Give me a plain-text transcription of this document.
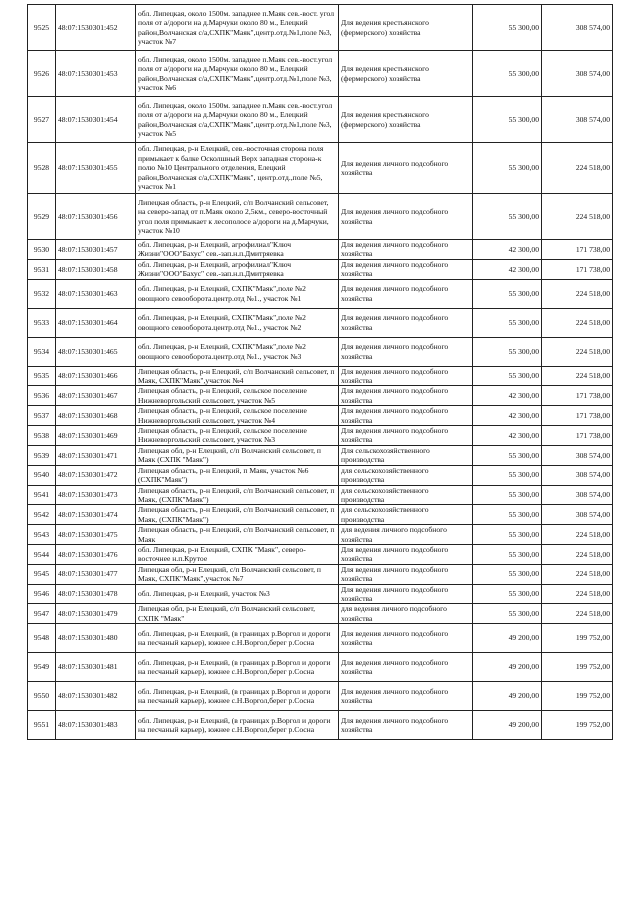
9525	48:07:1530301:452	обл. Липецкая, около 1500м. западнее п.Маяк сев.-вост. угол поля от а/дороги на д.Марчуки около 80 м., Елецкий район,Волчанская с/а,СХПК"Маяк",центр.отд.№1,поле №3, участок №7	Для ведения крестьянского (фермерского) хозяйства	55 300,00	308 574,00
9526	48:07:1530301:453	обл. Липецкая, около 1500м. западнее п.Маяк сев.-вост.угол поля от а/дороги на д.Марчуки около 80 м., Елецкий район,Волчанская с/а,СХПК"Маяк",центр.отд.№1,поле №3, участок №6	Для ведения крестьянского (фермерского) хозяйства	55 300,00	308 574,00
9527	48:07:1530301:454	обл. Липецкая, около 1500м. западнее п.Маяк сев.-вост.угол поля от а/дороги на д.Марчуки около 80 м., Елецкий район,Волчанская с/а,СХПК"Маяк",центр.отд.№1,поле №3, участок №5	Для ведения крестьянского (фермерского) хозяйства	55 300,00	308 574,00
9528	48:07:1530301:455	обл. Липецкая, р-н Елецкий, сев.-восточная сторона поля примыкает к балке Осколшный Верх западная сторона-к полю №10 Центрального отделения, Елецкий район,Волчанская с/а,СХПК"Маяк", центр.отд.,поле №5, участок №1	Для ведения личного подсобного хозяйства	55 300,00	224 518,00
9529	48:07:1530301:456	Липецкая область, р-н Елецкий, с/п Волчанский сельсовет, на северо-запад от п.Маяк около 2,5км., северо-восточный угол поля примыкает к лесополосе а/дороги на д.Марчуки, участок №10	Для ведения личного подсобного хозяйства	55 300,00	224 518,00
9530	48:07:1530301:457	обл. Липецкая, р-н Елецкий, агрофилиал"Ключ Жизни"ООО"Бахус" сев.-зап.н.п.Дмитряевка	Для ведения личного подсобного хозяйства	42 300,00	171 738,00
9531	48:07:1530301:458	обл. Липецкая, р-н Елецкий, агрофилиал"Ключ Жизни"ООО"Бахус" сев.-зап.н.п.Дмитряевка	Для ведения личного подсобного хозяйства	42 300,00	171 738,00
9532	48:07:1530301:463	обл. Липецкая, р-н Елецкий, СХПК"Маяк",поле №2 овощного севооборота.центр.отд №1., участок №1	Для ведения личного подсобного хозяйства	55 300,00	224 518,00
9533	48:07:1530301:464	обл. Липецкая, р-н Елецкий, СХПК"Маяк",поле №2 овощного севооборота.центр.отд №1., участок №2	Для ведения личного подсобного хозяйства	55 300,00	224 518,00
9534	48:07:1530301:465	обл. Липецкая, р-н Елецкий, СХПК"Маяк",поле №2 овощного севооборота.центр.отд №1., участок №3	Для ведения личного подсобного хозяйства	55 300,00	224 518,00
9535	48:07:1530301:466	Липецкая область, р-н Елецкий, с/п Волчанский сельсовет, п Маяк, СХПК"Маяк",участок №4	Для ведения личного подсобного хозяйства	55 300,00	224 518,00
9536	48:07:1530301:467	Липецкая область, р-н Елецкий, сельское поселение Нижневоргольский сельсовет, участок №5	Для ведения личного подсобного хозяйства	42 300,00	171 738,00
9537	48:07:1530301:468	Липецкая область, р-н Елецкий, сельское поселение Нижневоргольский сельсовет, участок №4	Для ведения личного подсобного хозяйства	42 300,00	171 738,00
9538	48:07:1530301:469	Липецкая область, р-н Елецкий, сельское поселение Нижневоргольский сельсовет, участок №3	Для ведения личного подсобного хозяйства	42 300,00	171 738,00
9539	48:07:1530301:471	Липецкая обл, р-н Елецкий, с/п Волчанский сельсовет, п Маяк (СХПК "Маяк")	Для сельскохозяйственного производства	55 300,00	308 574,00
9540	48:07:1530301:472	Липецкая область, р-н Елецкий, п Маяк, участок №6 (СХПК"Маяк")	для сельскохозяйственного производства	55 300,00	308 574,00
9541	48:07:1530301:473	Липецкая область, р-н Елецкий, с/п Волчанский сельсовет, п Маяк, (СХПК"Маяк")	для сельскохозяйственного производства	55 300,00	308 574,00
9542	48:07:1530301:474	Липецкая область, р-н Елецкий, с/п Волчанский сельсовет, п Маяк, (СХПК"Маяк")	для сельскохозяйственного производства	55 300,00	308 574,00
9543	48:07:1530301:475	Липецкая область, р-н Елецкий, с/п Волчанский сельсовет, п Маяк	для ведения личного подсобного хозяйства	55 300,00	224 518,00
9544	48:07:1530301:476	обл. Липецкая, р-н Елецкий, СХПК "Маяк", северо-восточнее н.п.Крутое	Для ведения личного подсобного хозяйства	55 300,00	224 518,00
9545	48:07:1530301:477	Липецкая обл, р-н Елецкий, с/п Волчанский сельсовет, п Маяк, СХПК"Маяк",участок №7	Для ведения личного подсобного хозяйства	55 300,00	224 518,00
9546	48:07:1530301:478	обл. Липецкая, р-н Елецкий, участок №3	Для ведения личного подсобного хозяйства	55 300,00	224 518,00
9547	48:07:1530301:479	Липецкая обл, р-н Елецкий, с/п Волчанский сельсовет, СХПК "Маяк"	для ведения личного подсобного хозяйства	55 300,00	224 518,00
9548	48:07:1530301:480	обл. Липецкая, р-н Елецкий, (в границах р.Воргол и дороги на песчаный карьер), южнее с.Н.Воргол,берег р.Сосна	Для ведения личного подсобного хозяйства	49 200,00	199 752,00
9549	48:07:1530301:481	обл. Липецкая, р-н Елецкий, (в границах р.Воргол и дороги на песчаный карьер), южнее с.Н.Воргол,берег р.Сосна	Для ведения личного подсобного хозяйства	49 200,00	199 752,00
9550	48:07:1530301:482	обл. Липецкая, р-н Елецкий, (в границах р.Воргол и дороги на песчаный карьер), южнее с.Н.Воргол,берег р.Сосна	Для ведения личного подсобного хозяйства	49 200,00	199 752,00
9551	48:07:1530301:483	обл. Липецкая, р-н Елецкий, (в границах р.Воргол и дороги на песчаный карьер), южнее с.Н.Воргол,берег р.Сосна	Для ведения личного подсобного хозяйства	49 200,00	199 752,00
